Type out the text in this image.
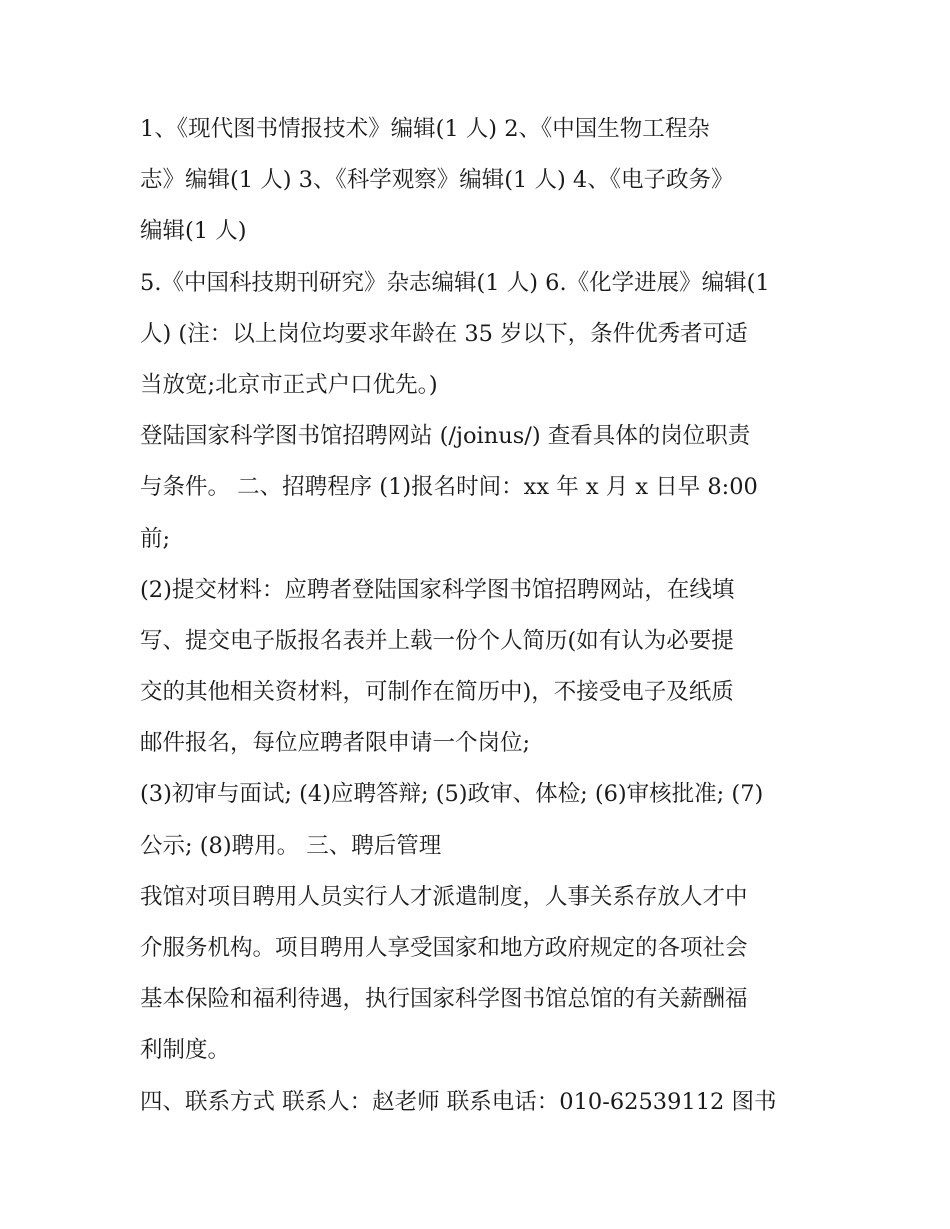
1、《现代图书情报技术》编辑(1 人) 2、《中国生物工程杂
志》编辑(1 人) 3、《科学观察》编辑(1 人) 4、《电子政务》
编辑(1 人)
5.《中国科技期刊研究》杂志编辑(1 人) 6.《化学进展》编辑(1
人) (注：以上岗位均要求年龄在 35 岁以下，条件优秀者可适
当放宽;北京市正式户口优先。)
登陆国家科学图书馆招聘网站 (/joinus/) 查看具体的岗位职责
与条件。 二、招聘程序 (1)报名时间：xx 年 x 月 x 日早 8:00
前;
(2)提交材料：应聘者登陆国家科学图书馆招聘网站，在线填
写、提交电子版报名表并上载一份个人简历(如有认为必要提
交的其他相关资材料，可制作在简历中)，不接受电子及纸质
邮件报名，每位应聘者限申请一个岗位;
(3)初审与面试; (4)应聘答辩; (5)政审、体检; (6)审核批准; (7)
公示; (8)聘用。 三、聘后管理
我馆对项目聘用人员实行人才派遣制度，人事关系存放人才中
介服务机构。项目聘用人享受国家和地方政府规定的各项社会
基本保险和福利待遇，执行国家科学图书馆总馆的有关薪酬福
利制度。
四、联系方式 联系人：赵老师 联系电话：010-62539112 图书
